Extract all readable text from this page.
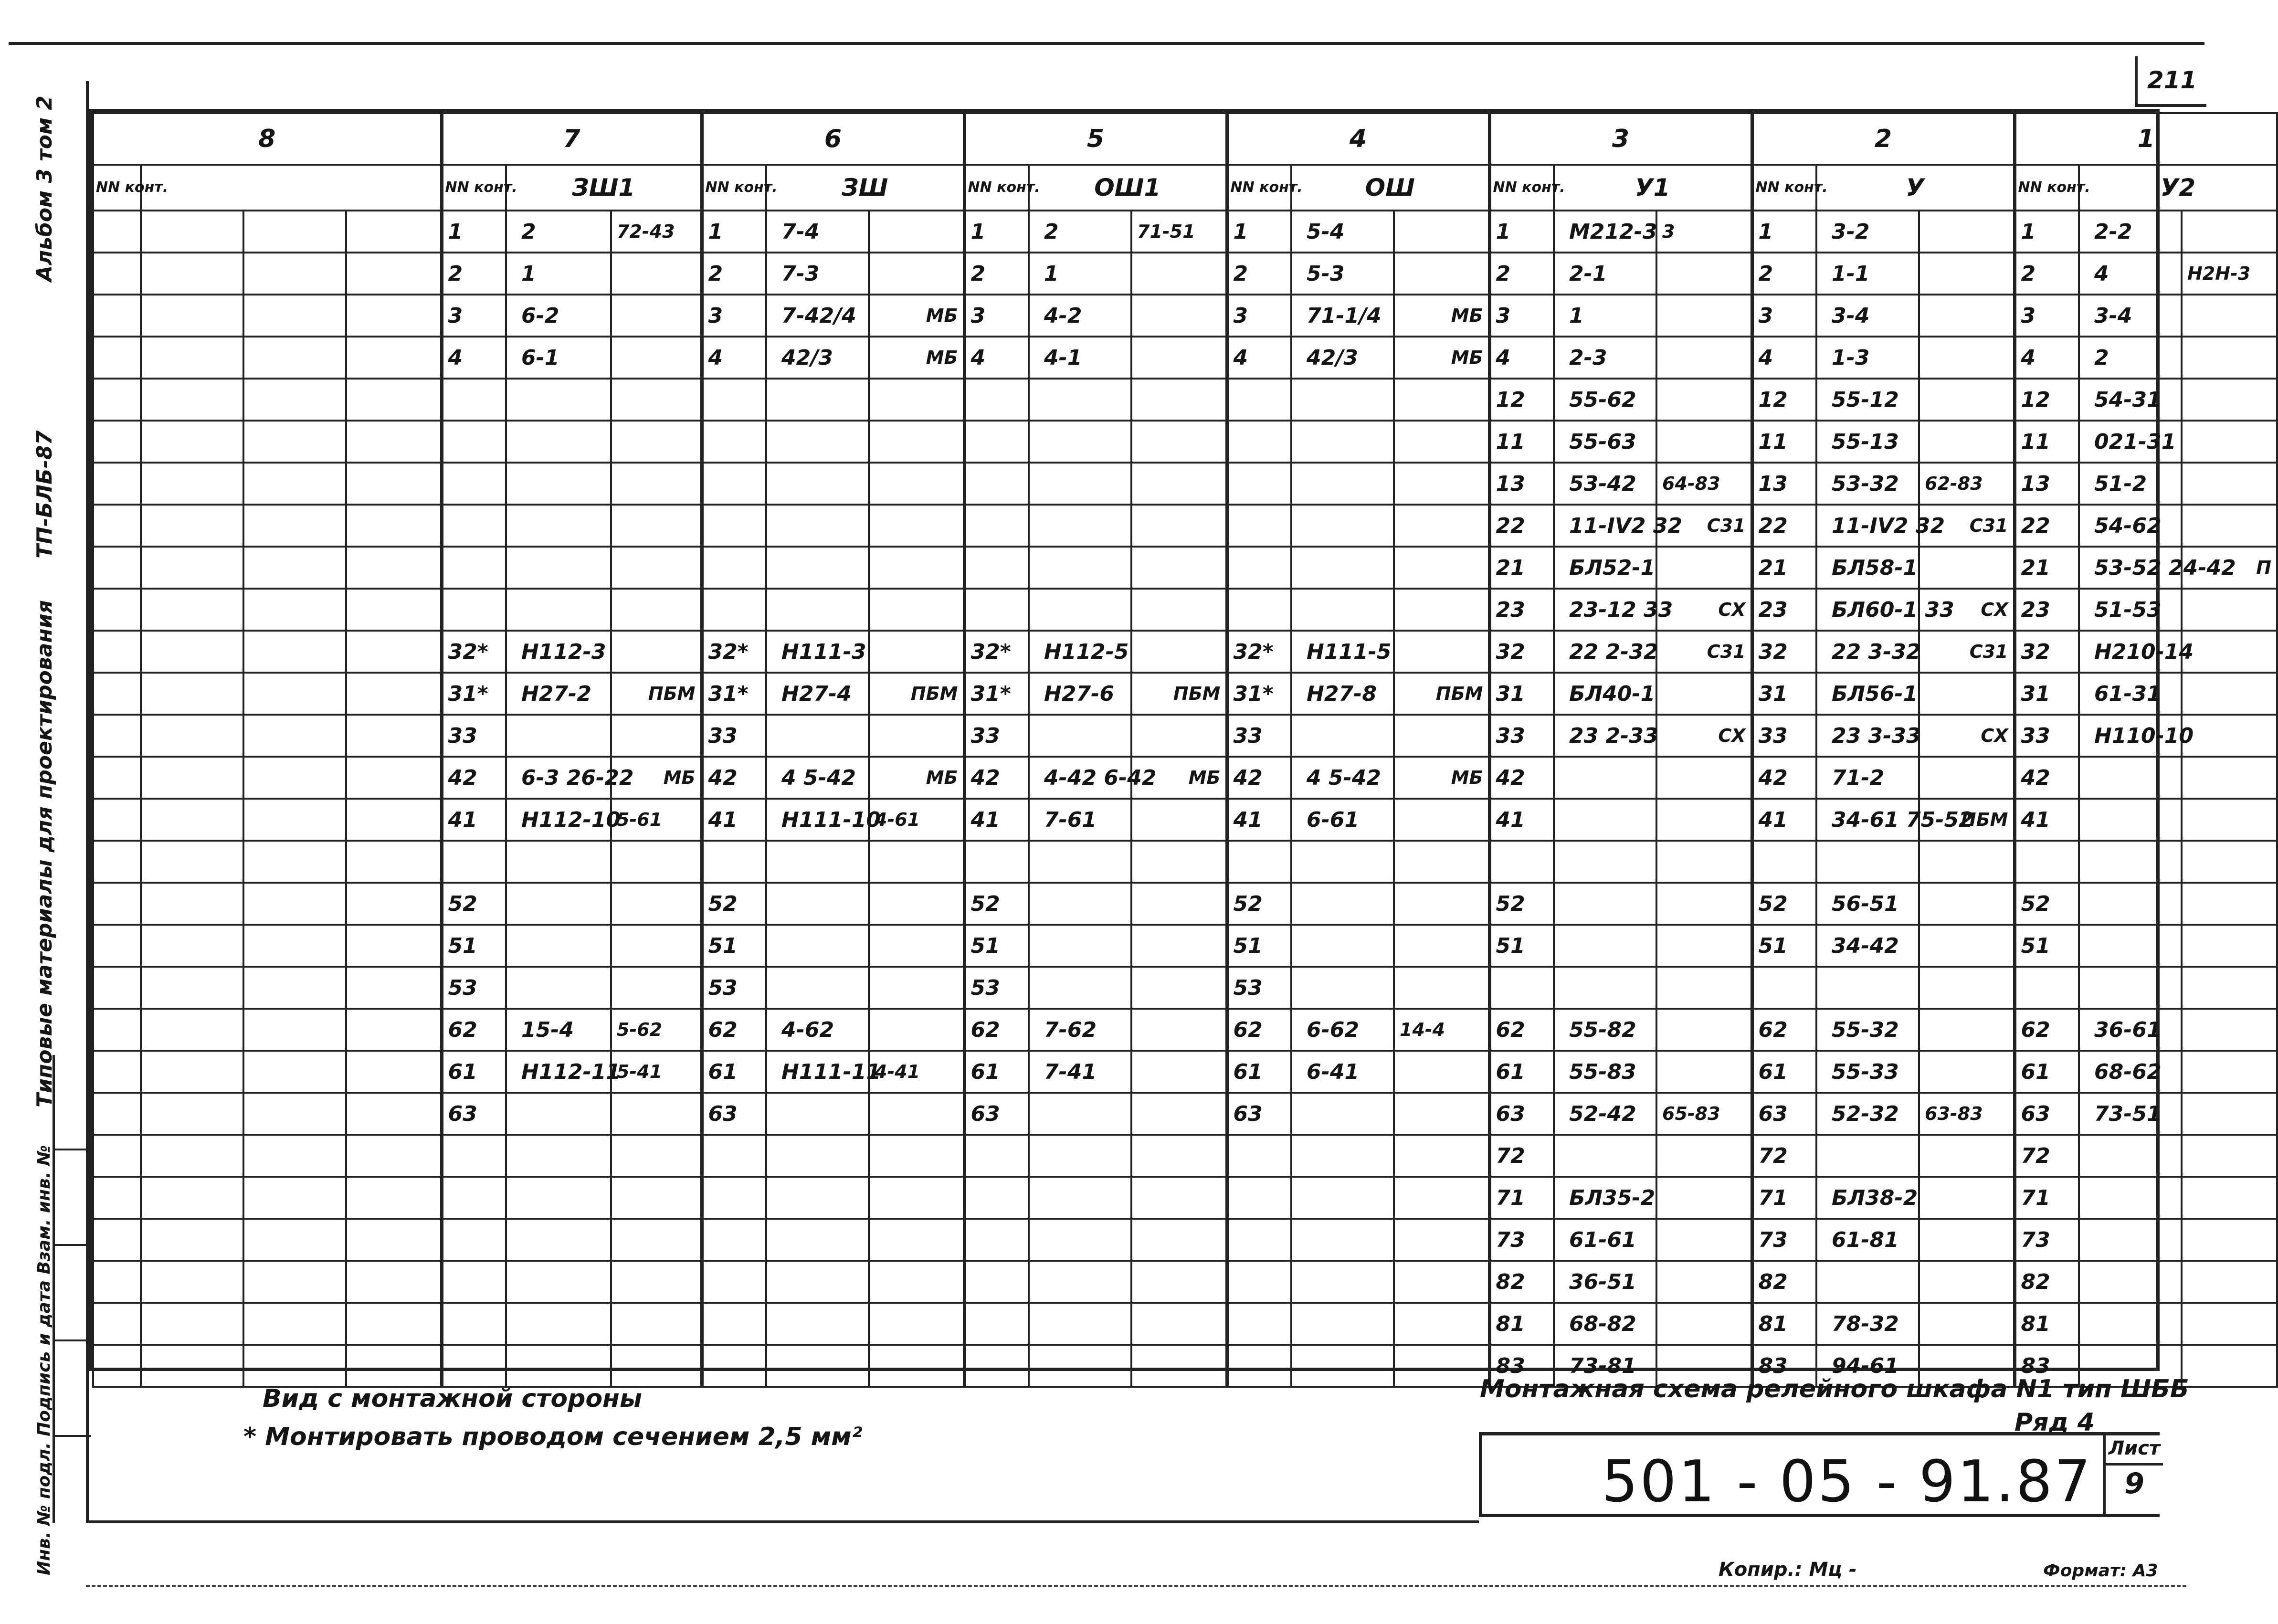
211
Альбом 3 том 2
ТП-БЛБ-87
Типовые материалы для проектирования
Инв. № подл. Подпись и дата Взам. инв. №
8				7			6			5			4			3			2			1		
NN конт.				NN конт.	ЗШ1		NN конт.	ЗШ		NN конт.	ОШ1		NN конт.	ОШ		NN конт.	У1		NN конт.	У		NN конт.	У2	
				1	2	72-43	1	7-4		1	2	71-51	1	5-4		1	М212-3	3	1	3-2		1	2-2	
				2	1		2	7-3		2	1		2	5-3		2	2-1		2	1-1		2	4	Н2Н-3
				3	6-2		3	7-42/4	МБ	3	4-2		3	71-1/4	МБ	3	1		3	3-4		3	3-4	
				4	6-1		4	42/3	МБ	4	4-1		4	42/3	МБ	4	2-3		4	1-3		4	2	
																12	55-62		12	55-12		12	54-31	
																11	55-63		11	55-13		11	021-31	
																13	53-42	64-83	13	53-32	62-83	13	51-2	
																22	11-IV2 32	С31	22	11-IV2 32	С31	22	54-62	
																21	БЛ52-1		21	БЛ58-1		21	53-52 24-42	П
																23	23-12 33	СХ	23	БЛ60-1 33	СХ	23	51-53	
				32*	Н112-3		32*	Н111-3		32*	Н112-5		32*	Н111-5		32	22 2-32	С31	32	22 3-32	С31	32	Н210-14	
				31*	Н27-2	ПБМ	31*	Н27-4	ПБМ	31*	Н27-6	ПБМ	31*	Н27-8	ПБМ	31	БЛ40-1		31	БЛ56-1		31	61-31	
				33			33			33			33			33	23 2-33	СХ	33	23 3-33	СХ	33	Н110-10	
				42	6-3 26-22	МБ	42	4 5-42	МБ	42	4-42 6-42	МБ	42	4 5-42	МБ	42			42	71-2		42		
				41	Н112-10	5-61	41	Н111-10	4-61	41	7-61		41	6-61		41			41	34-61 75-52	ПБМ	41		

				52			52			52			52			52			52	56-51		52		
				51			51			51			51			51			51	34-42		51		
				53			53			53			53											
				62	15-4	5-62	62	4-62		62	7-62		62	6-62	14-4	62	55-82		62	55-32		62	36-61	
				61	Н112-11	5-41	61	Н111-11	4-41	61	7-41		61	6-41		61	55-83		61	55-33		61	68-62	
				63			63			63			63			63	52-42	65-83	63	52-32	63-83	63	73-51	
																72			72			72		
																71	БЛ35-2		71	БЛ38-2		71		
																73	61-61		73	61-81		73		
																82	36-51		82			82		
																81	68-82		81	78-32		81		
																83	73-81		83	94-61		83		
Вид с монтажной стороны
* Монтировать проводом сечением 2,5 мм²
Монтажная схема релейного шкафа N1 тип ШББ
Ряд 4
501 - 05 - 91.87
Лист
9
Копир.: Мц -	Формат: А3
